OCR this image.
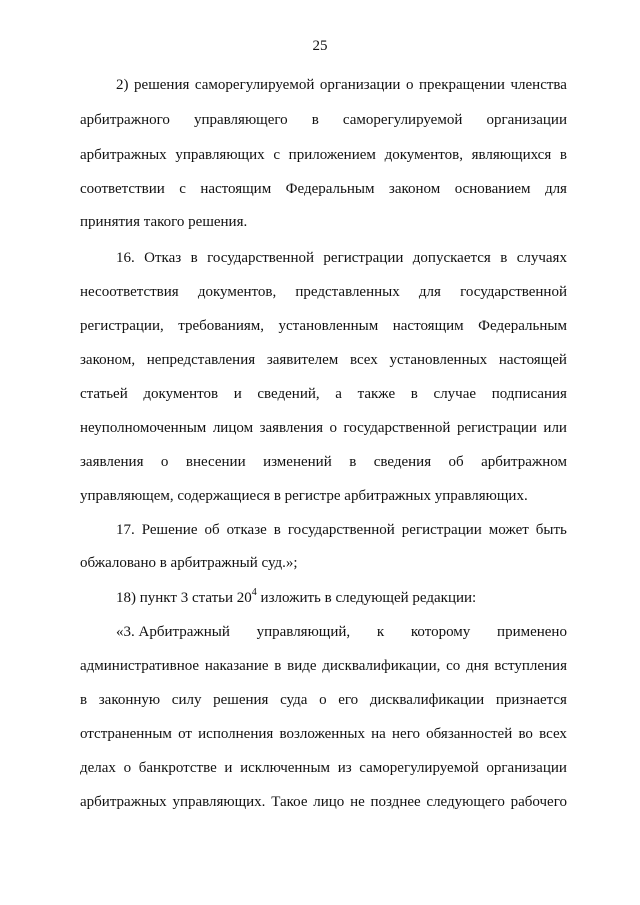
25
2) решения саморегулируемой организации о прекращении членства
арбитражного управляющего в саморегулируемой организации
арбитражных управляющих с приложением документов, являющихся в
соответствии с настоящим Федеральным законом основанием для
принятия такого решения.
16. Отказ в государственной регистрации допускается в случаях
несоответствия документов, представленных для государственной
регистрации, требованиям, установленным настоящим Федеральным
законом, непредставления заявителем всех установленных настоящей
статьей документов и сведений, а также в случае подписания
неуполномоченным лицом заявления о государственной регистрации или
заявления о внесении изменений в сведения об арбитражном
управляющем, содержащиеся в регистре арбитражных управляющих.
17. Решение об отказе в государственной регистрации может быть
обжаловано в арбитражный суд.»;
18) пункт 3 статьи $20^4$ изложить в следующей редакции:
«3. Арбитражный управляющий, к которому применено
административное наказание в виде дисквалификации, со дня вступления
в законную силу решения суда о его дисквалификации признается
отстраненным от исполнения возложенных на него обязанностей во всех
делах о банкротстве и исключенным из саморегулируемой организации
арбитражных управляющих. Такое лицо не позднее следующего рабочего
